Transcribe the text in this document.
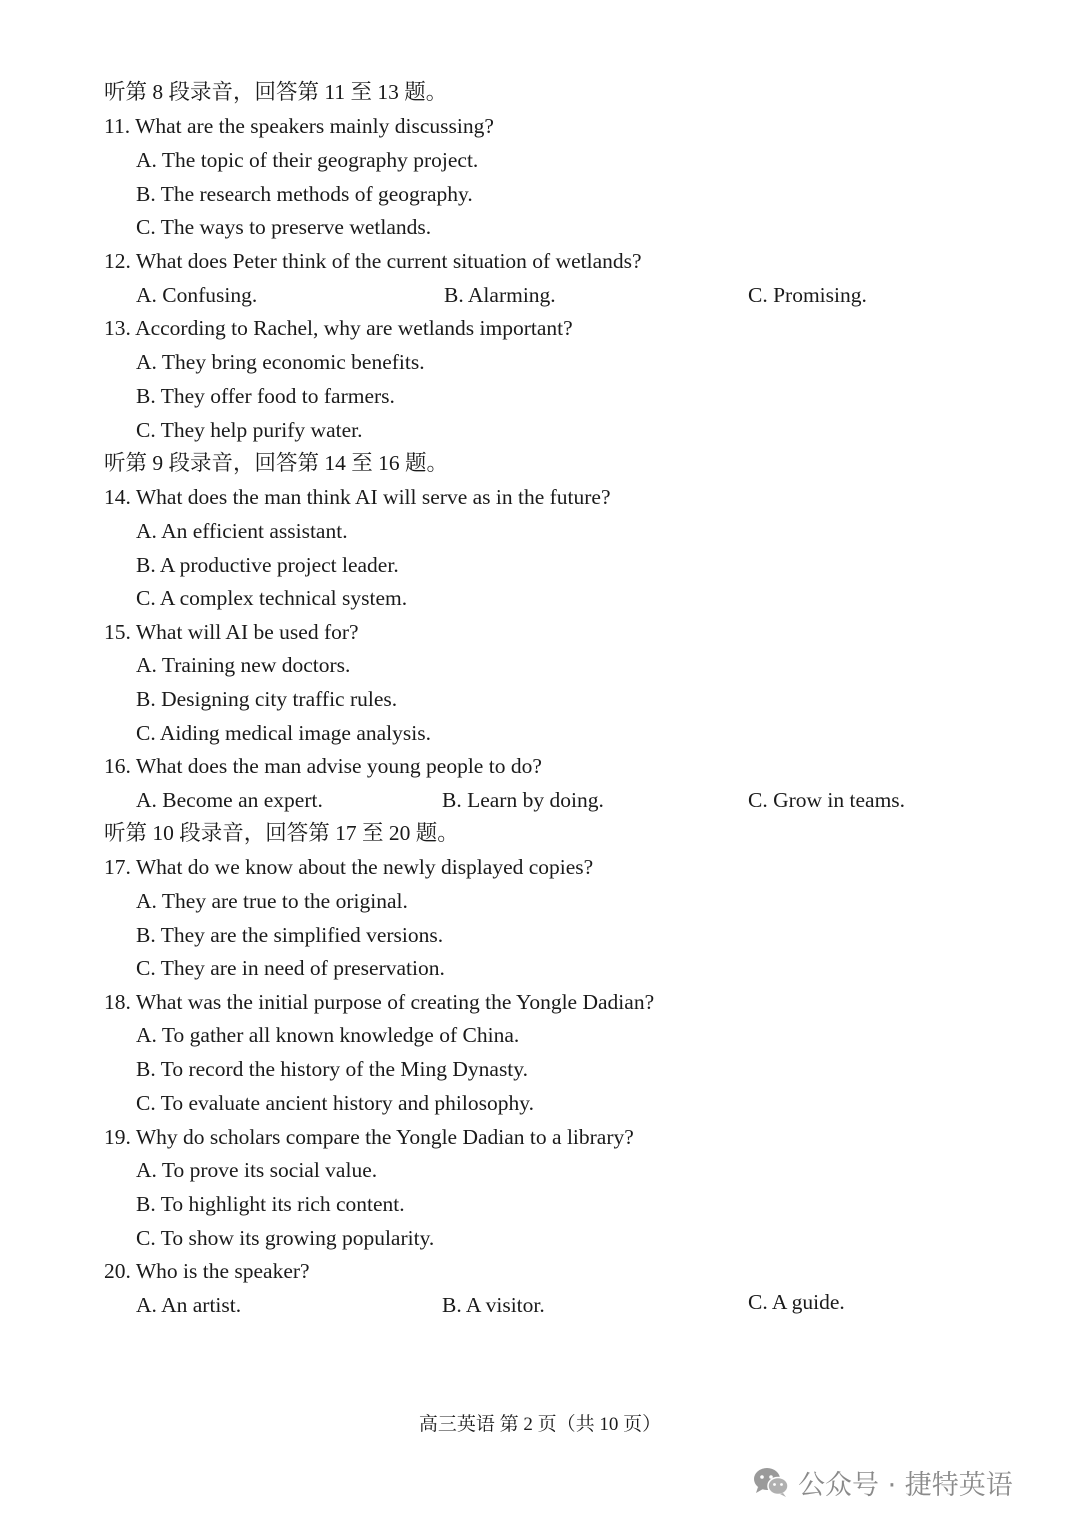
听第 8 段录音，回答第 11 至 13 题。
11. What are the speakers mainly discussing?
A. The topic of their geography project.
B. The research methods of geography.
C. The ways to preserve wetlands.
12. What does Peter think of the current situation of wetlands?
A. Confusing.	B. Alarming.	C. Promising.
13. According to Rachel, why are wetlands important?
A. They bring economic benefits.
B. They offer food to farmers.
C. They help purify water.
听第 9 段录音，回答第 14 至 16 题。
14. What does the man think AI will serve as in the future?
A. An efficient assistant.
B. A productive project leader.
C. A complex technical system.
15. What will AI be used for?
A. Training new doctors.
B. Designing city traffic rules.
C. Aiding medical image analysis.
16. What does the man advise young people to do?
A. Become an expert.	B. Learn by doing.	C. Grow in teams.
听第 10 段录音，回答第 17 至 20 题。
17. What do we know about the newly displayed copies?
A. They are true to the original.
B. They are the simplified versions.
C. They are in need of preservation.
18. What was the initial purpose of creating the Yongle Dadian?
A. To gather all known knowledge of China.
B. To record the history of the Ming Dynasty.
C. To evaluate ancient history and philosophy.
19. Why do scholars compare the Yongle Dadian to a library?
A. To prove its social value.
B. To highlight its rich content.
C. To show its growing popularity.
20. Who is the speaker?
A. An artist.	B. A visitor.	C. A guide.
高三英语 第 2 页（共 10 页）
公众号 · 捷特英语
